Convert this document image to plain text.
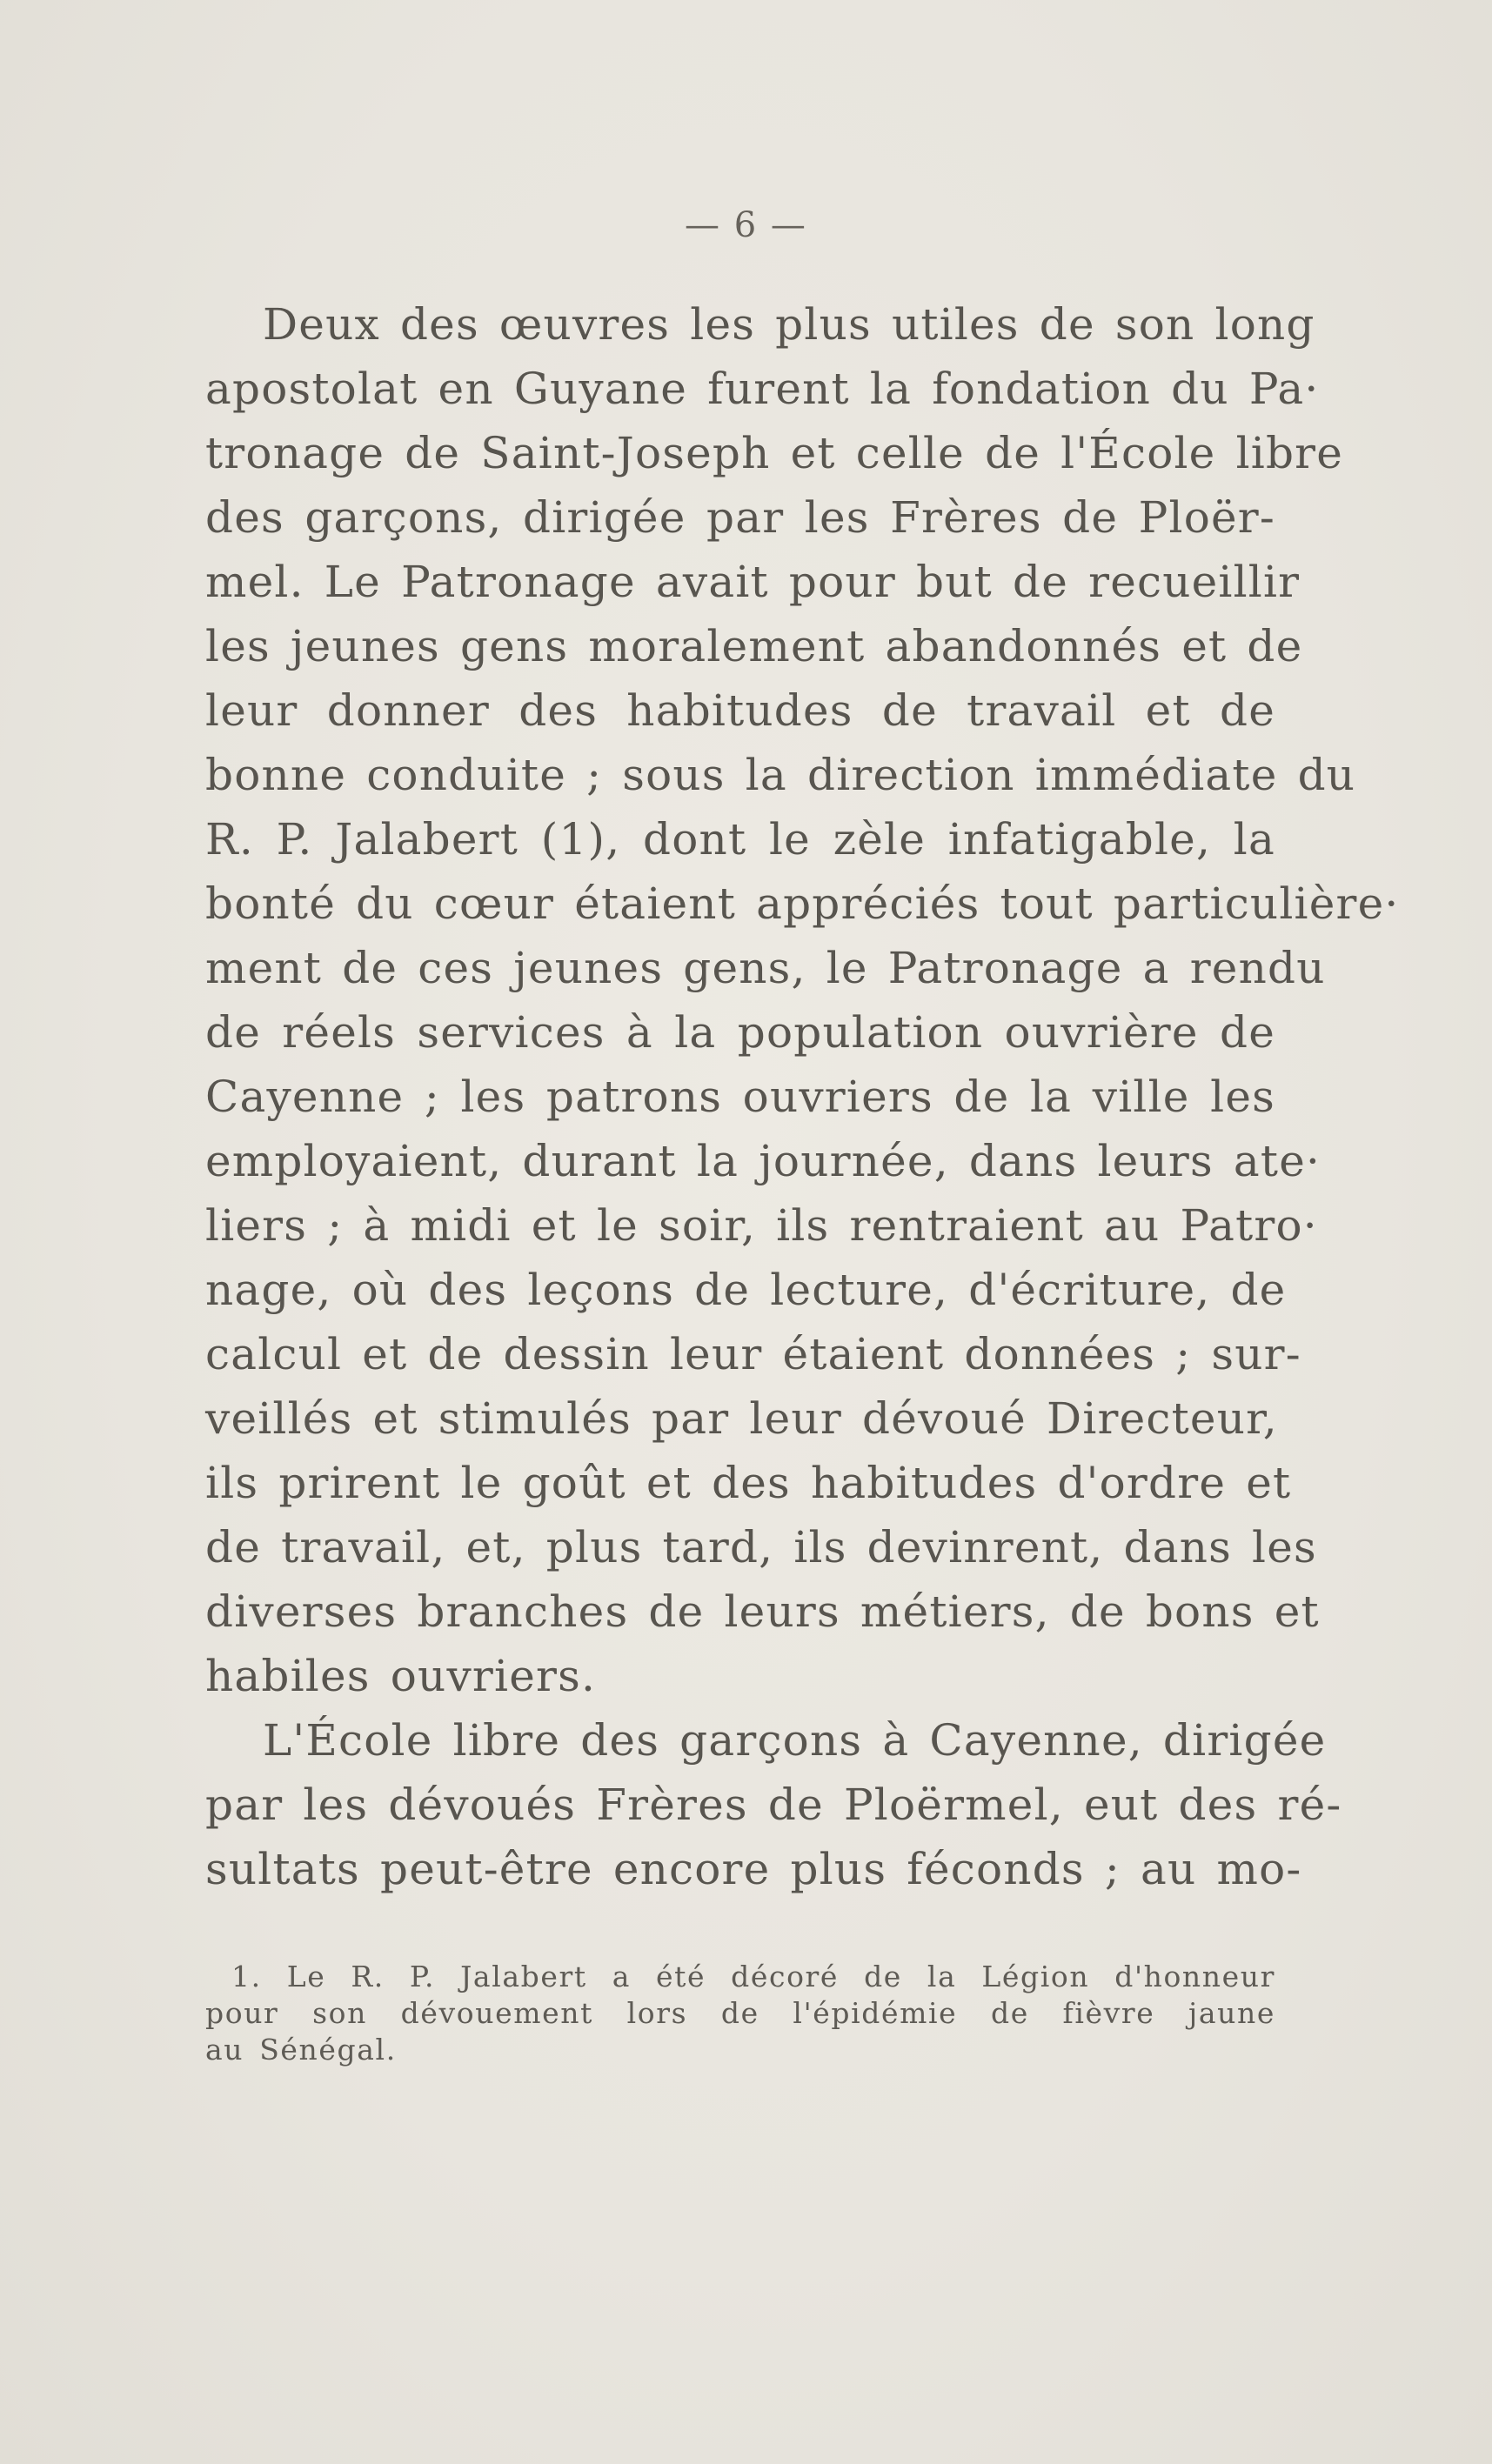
— 6 —
Deux des œuvres les plus utiles de son long
apostolat en Guyane furent la fondation du Pa·
tronage de Saint-Joseph et celle de l'École libre
des garçons, dirigée par les Frères de Ploër-
mel. Le Patronage avait pour but de recueillir
les jeunes gens moralement abandonnés et de
leur donner des habitudes de travail et de
bonne conduite ; sous la direction immédiate du
R. P. Jalabert (1), dont le zèle infatigable, la
bonté du cœur étaient appréciés tout particulière·
ment de ces jeunes gens, le Patronage a rendu
de réels services à la population ouvrière de
Cayenne ; les patrons ouvriers de la ville les
employaient, durant la journée, dans leurs ate·
liers ; à midi et le soir, ils rentraient au Patro·
nage, où des leçons de lecture, d'écriture, de
calcul et de dessin leur étaient données ; sur-
veillés et stimulés par leur dévoué Directeur,
ils prirent le goût et des habitudes d'ordre et
de travail, et, plus tard, ils devinrent, dans les
diverses branches de leurs métiers, de bons et
habiles ouvriers.
L'École libre des garçons à Cayenne, dirigée
par les dévoués Frères de Ploërmel, eut des ré-
sultats peut-être encore plus féconds ; au mo-
1. Le R. P. Jalabert a été décoré de la Légion d'honneur
pour son dévouement lors de l'épidémie de fièvre jaune
au Sénégal.
